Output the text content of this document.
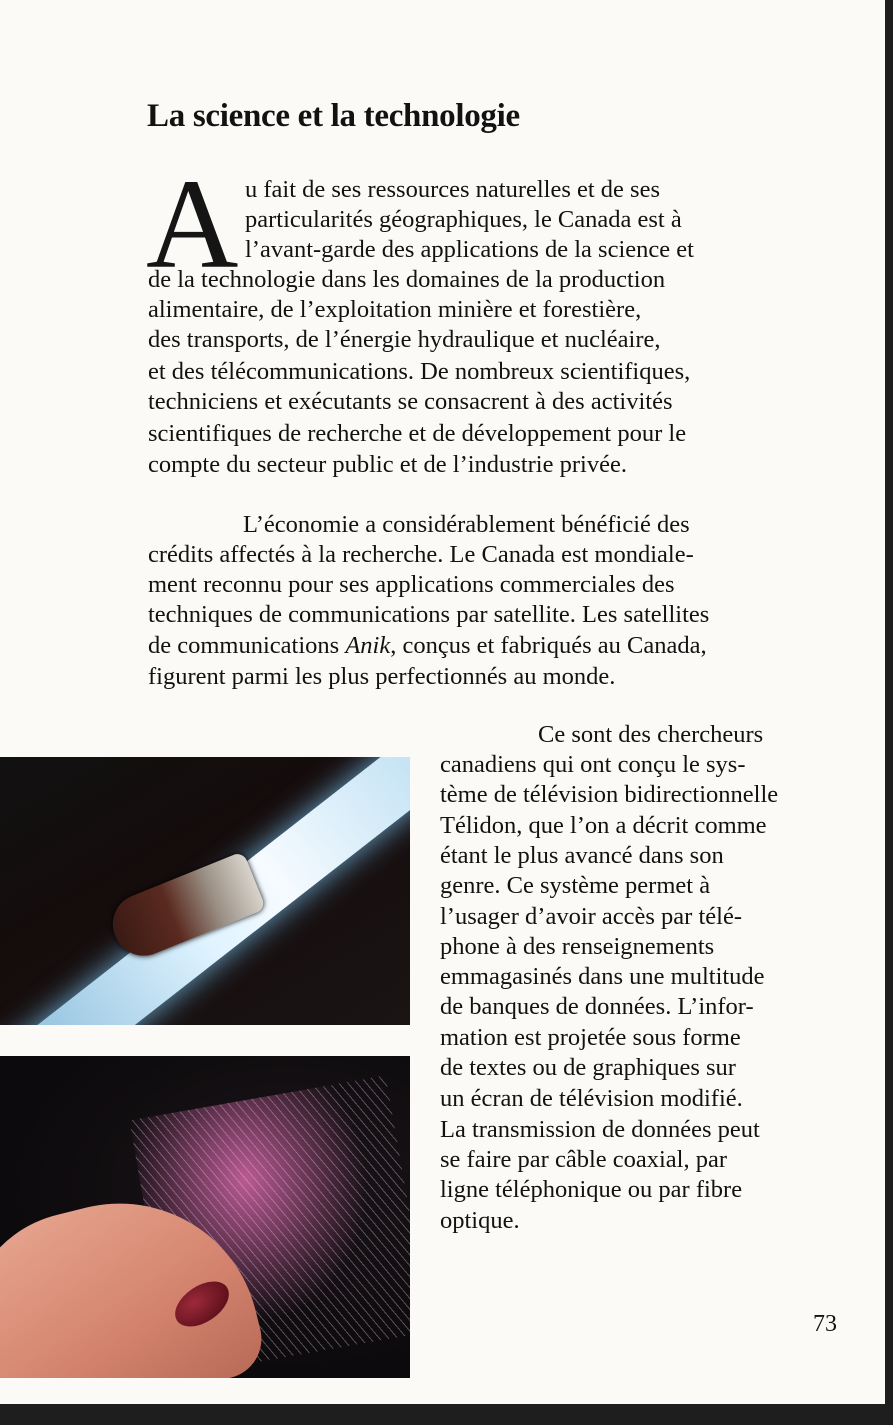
La science et la technologie
A u fait de ses ressources naturelles et de ses
particularités géographiques, le Canada est à
l’avant-garde des applications de la science et
de la technologie dans les domaines de la production
alimentaire, de l’exploitation minière et forestière,
des transports, de l’énergie hydraulique et nucléaire,
et des télécommunications. De nombreux scientifiques,
techniciens et exécutants se consacrent à des activités
scientifiques de recherche et de développement pour le
compte du secteur public et de l’industrie privée.
L’économie a considérablement bénéficié des
crédits affectés à la recherche. Le Canada est mondiale-
ment reconnu pour ses applications commerciales des
techniques de communications par satellite. Les satellites
de communications Anik, conçus et fabriqués au Canada,
figurent parmi les plus perfectionnés au monde.
Ce sont des chercheurs
canadiens qui ont conçu le sys-
tème de télévision bidirectionnelle
Télidon, que l’on a décrit comme
étant le plus avancé dans son
genre. Ce système permet à
l’usager d’avoir accès par télé-
phone à des renseignements
emmagasinés dans une multitude
de banques de données. L’infor-
mation est projetée sous forme
de textes ou de graphiques sur
un écran de télévision modifié.
La transmission de données peut
se faire par câble coaxial, par
ligne téléphonique ou par fibre
optique.
73
